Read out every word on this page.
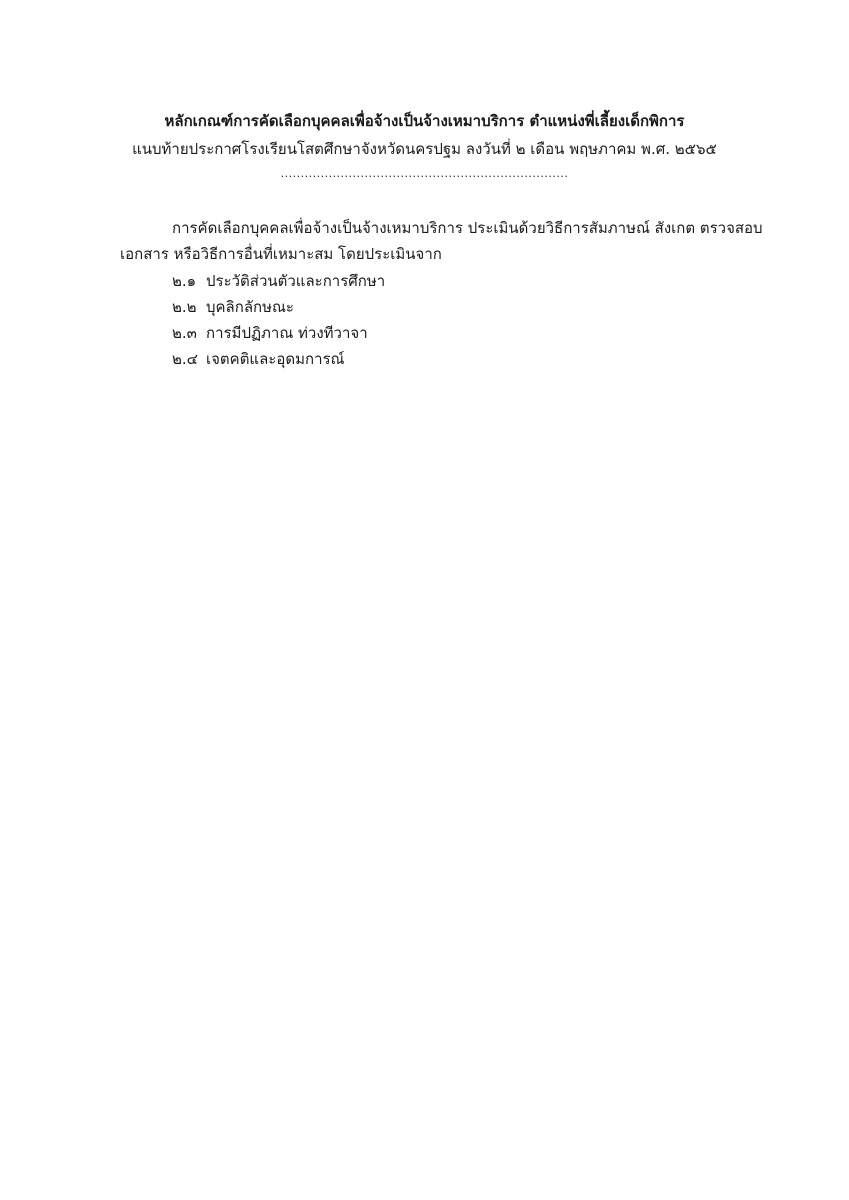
หลักเกณฑ์การคัดเลือกบุคคลเพื่อจ้างเป็นจ้างเหมาบริการ ตำแหน่งพี่เลี้ยงเด็กพิการ
แนบท้ายประกาศโรงเรียนโสตศึกษาจังหวัดนครปฐม ลงวันที่ ๒ เดือน พฤษภาคม พ.ศ. ๒๕๖๕
........................................................................
การคัดเลือกบุคคลเพื่อจ้างเป็นจ้างเหมาบริการ ประเมินด้วยวิธีการสัมภาษณ์ สังเกต ตรวจสอบ
เอกสาร หรือวิธีการอื่นที่เหมาะสม โดยประเมินจาก
๒.๑ ประวัติส่วนตัวและการศึกษา
๒.๒ บุคลิกลักษณะ
๒.๓ การมีปฏิภาณ ท่วงทีวาจา
๒.๔ เจตคติและอุดมการณ์
